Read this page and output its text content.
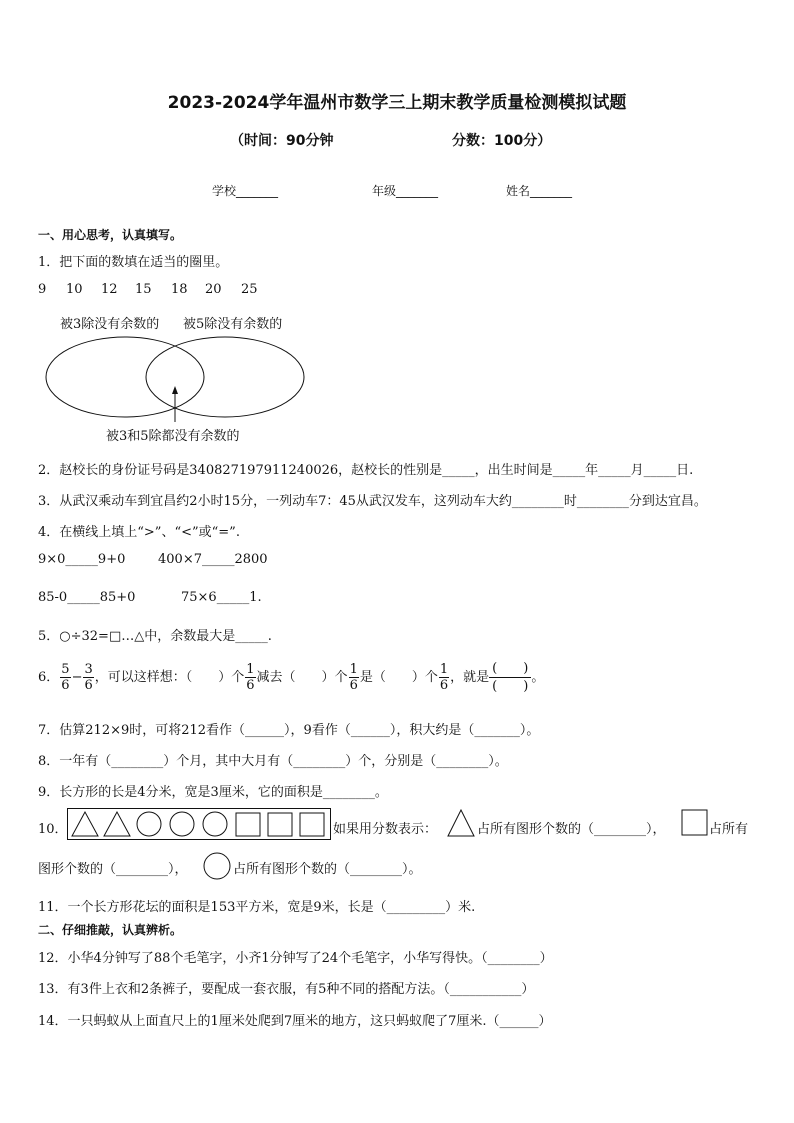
2023-2024学年温州市数学三上期末教学质量检测模拟试题
（时间：90分钟	分数：100分）
学校_______	年级_______	姓名_______
一、用心思考，认真填写。
1．把下面的数填在适当的圈里。
9 10 12 15 18 20 25
被3除没有余数的 被5除没有余数的
被3和5除都没有余数的
2．赵校长的身份证号码是340827197911240026，赵校长的性别是_____，出生时间是_____年_____月_____日.
3．从武汉乘动车到宜昌约2小时15分，一列动车7：45从武汉发车，这列动车大约________时________分到达宜昌。
4．在横线上填上“>”、“<”或“=”.
9×0_____9+0	400×7_____2800
85-0_____85+0	75×6_____1.
5．○÷32=□…△中，余数最大是_____.
6． $\frac{5}{6} - \frac{3}{6}$ ，可以这样想：（　　）个 $\frac{1}{6}$ 减去（　　）个 $\frac{1}{6}$ 是（　　）个 $\frac{1}{6}$ ，就是 $\frac{( )}{( )}$。
7．估算212×9时，可将212看作（______），9看作（______），积大约是（_______）。
8．一年有（________）个月，其中大月有（________）个，分别是（________）。
9．长方形的长是4分米，宽是3厘米，它的面积是________。
10．	如果用分数表示：	占所有图形个数的（________），	占所有
图形个数的（________），	占所有图形个数的（________）。
11．一个长方形花坛的面积是153平方米，宽是9米，长是（_________）米.
二、仔细推敲，认真辨析。
12．小华4分钟写了88个毛笔字，小齐1分钟写了24个毛笔字，小华写得快。（________）
13．有3件上衣和2条裤子，要配成一套衣服，有5种不同的搭配方法。（___________）
14．一只蚂蚁从上面直尺上的1厘米处爬到7厘米的地方，这只蚂蚁爬了7厘米.（______）
